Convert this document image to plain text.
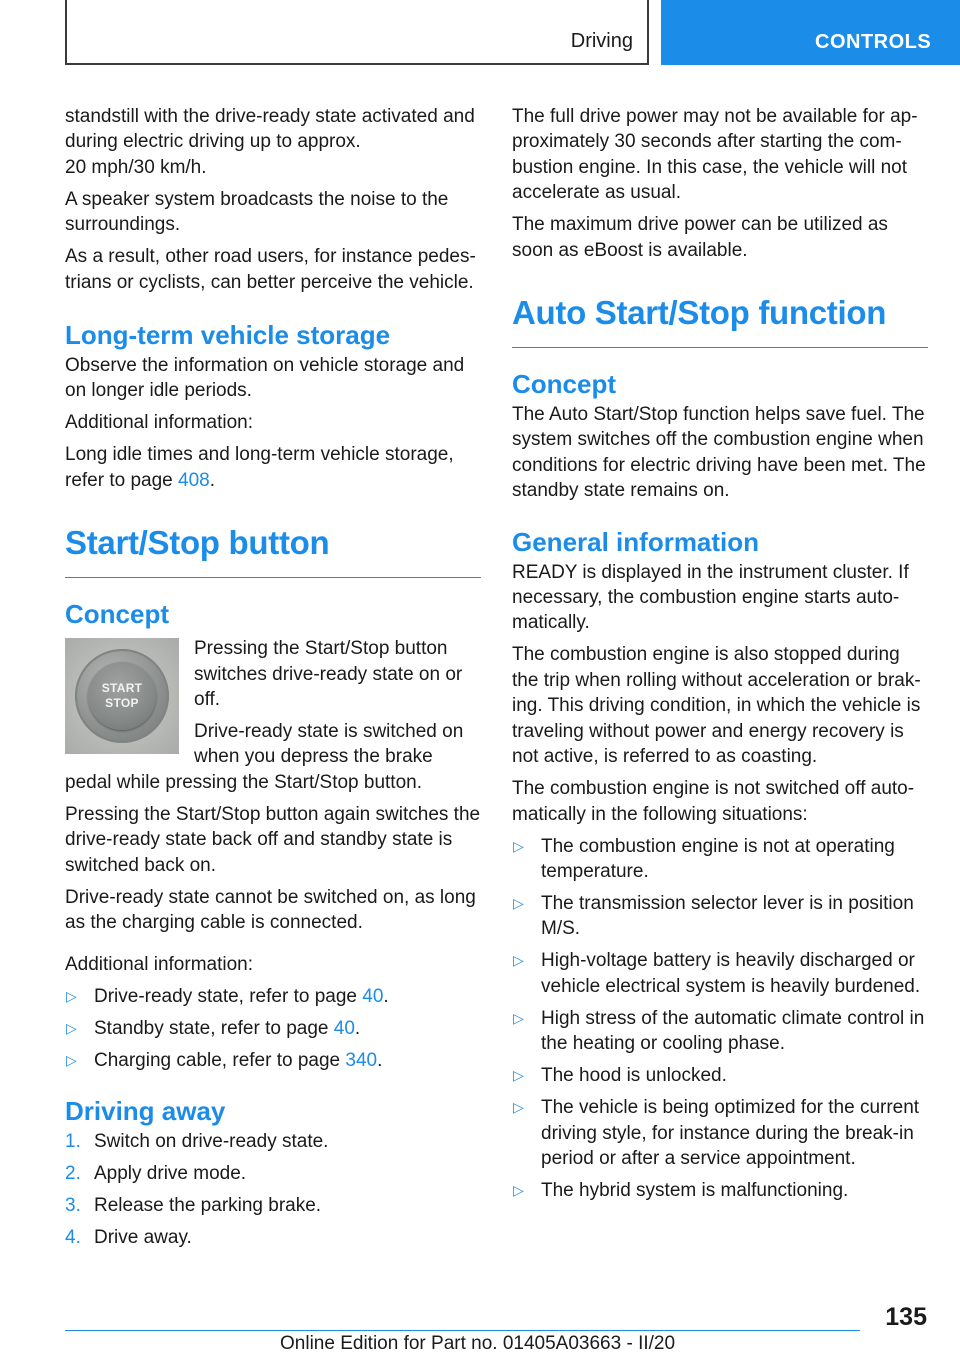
Driving	CONTROLS

standstill with the drive-ready state activated and during electric driving up to approx.
20 mph/30 km/h.

A speaker system broadcasts the noise to the surroundings.

As a result, other road users, for instance pedestrians or cyclists, can better perceive the vehicle.

Long-term vehicle storage

Observe the information on vehicle storage and on longer idle periods.

Additional information:

Long idle times and long-term vehicle storage, refer to page 408.

Start/Stop button
Concept
START
STOP

Pressing the Start/Stop button switches drive-ready state on or off.

Drive-ready state is switched on when you depress the brake pedal while pressing the Start/Stop button.

Pressing the Start/Stop button again switches the drive-ready state back off and standby state is switched back on.

Drive-ready state cannot be switched on, as long as the charging cable is connected.

Additional information:

▷ Drive-ready state, refer to page 40.
▷ Standby state, refer to page 40.
▷ Charging cable, refer to page 340.
Driving away
1. Switch on drive-ready state.
2. Apply drive mode.
3. Release the parking brake.
4. Drive away.

The full drive power may not be available for approximately 30 seconds after starting the combustion engine. In this case, the vehicle will not accelerate as usual.

The maximum drive power can be utilized as soon as eBoost is available.

Auto Start/Stop function
Concept

The Auto Start/Stop function helps save fuel. The system switches off the combustion engine when conditions for electric driving have been met. The standby state remains on.

General information

READY is displayed in the instrument cluster. If necessary, the combustion engine starts automatically.

The combustion engine is also stopped during the trip when rolling without acceleration or braking. This driving condition, in which the vehicle is traveling without power and energy recovery is not active, is referred to as coasting.

The combustion engine is not switched off automatically in the following situations:

▷ The combustion engine is not at operating temperature.
▷ The transmission selector lever is in position M/S.
▷ High-voltage battery is heavily discharged or vehicle electrical system is heavily burdened.
▷ High stress of the automatic climate control in the heating or cooling phase.
▷ The hood is unlocked.
▷ The vehicle is being optimized for the current driving style, for instance during the break-in period or after a service appointment.
▷ The hybrid system is malfunctioning.
135
Online Edition for Part no. 01405A03663 - II/20
